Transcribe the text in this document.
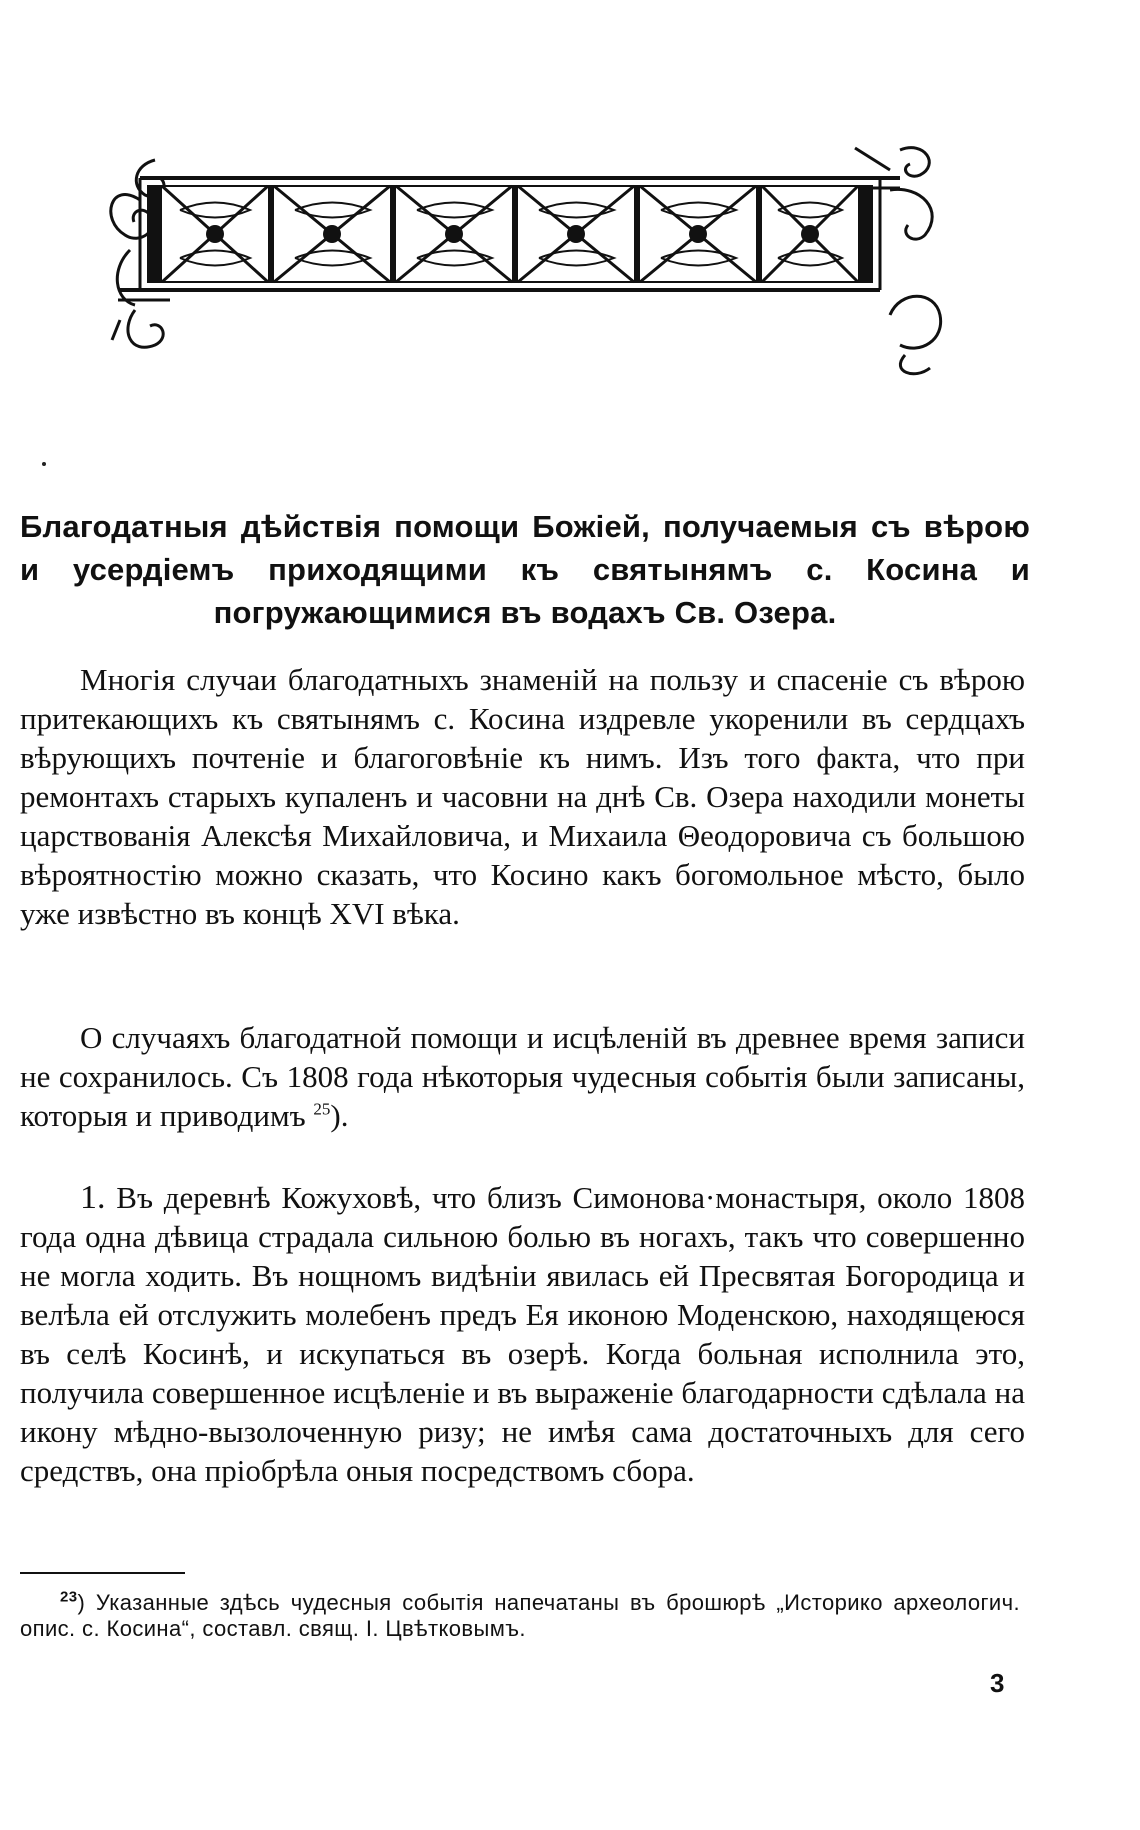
Благодатныя дѣйствія помощи Божіей, получаемыя съ вѣрою и усердіемъ приходящими къ святынямъ с. Косина и погружающимися въ водахъ Св. Озера.

Многія случаи благодатныхъ знаменій на пользу и спасеніе съ вѣрою притекающихъ къ святынямъ с. Косина издревле укоренили въ сердцахъ вѣрующихъ почтеніе и благоговѣніе къ нимъ. Изъ того факта, что при ремонтахъ старыхъ купаленъ и часовни на днѣ Св. Озера находили монеты царствованія Алексѣя Михайловича, и Михаила Θеодоровича съ большою вѣроятностію можно сказать, что Косино какъ богомольное мѣсто, было уже извѣстно въ концѣ XVI вѣка.

О случаяхъ благодатной помощи и исцѣленій въ древнее время записи не сохранилось. Съ 1808 года нѣкоторыя чудесныя событія были записаны, которыя и приводимъ $^{25}$).

1. Въ деревнѣ Кожуховѣ, что близъ Симонова·монастыря, около 1808 года одна дѣвица страдала сильною болью въ ногахъ, такъ что совершенно не могла ходить. Въ нощномъ видѣніи явилась ей Пресвятая Богородица и велѣла ей отслужить молебенъ предъ Ея иконою Моденскою, находящеюся въ селѣ Косинѣ, и искупаться въ озерѣ. Когда больная исполнила это, получила совершенное исцѣленіе и въ выраженіе благодарности сдѣлала на икону мѣдно-вызолоченную ризу; не имѣя сама достаточныхъ для сего средствъ, она пріобрѣла оныя посредствомъ сбора.

$^{23}$) Указанные здѣсь чудесныя событія напечатаны въ брошюрѣ „Историко археологич. опис. с. Косина“, составл. свящ. І. Цвѣтковымъ.
3
